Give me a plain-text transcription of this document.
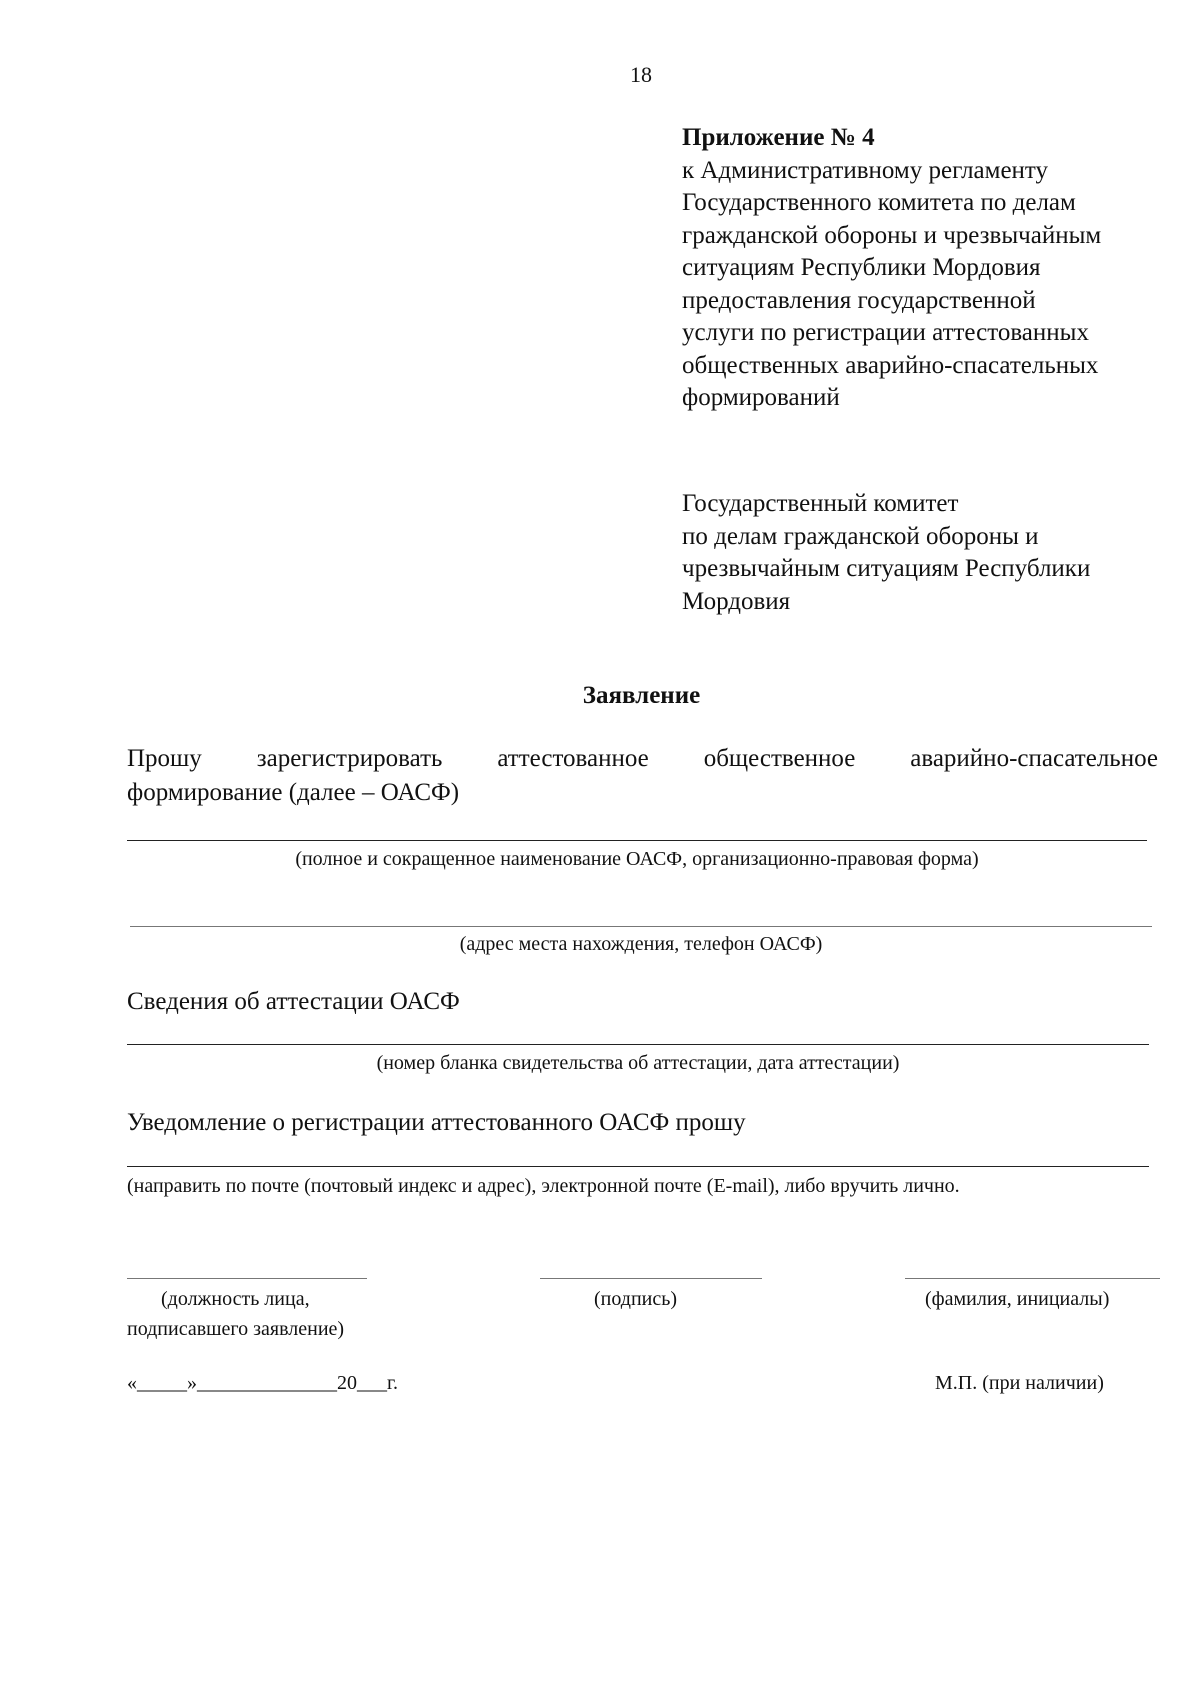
18
Приложение № 4
к Административному регламенту
Государственного комитета по делам
гражданской обороны и чрезвычайным
ситуациям Республики Мордовия
предоставления государственной
услуги по регистрации аттестованных
общественных аварийно-спасательных
формирований
Государственный комитет
по делам гражданской обороны и
чрезвычайным ситуациям Республики
Мордовия
Заявление
Прошу зарегистрировать аттестованное общественное аварийно-спасательное
формирование (далее – ОАСФ)
(полное и сокращенное наименование ОАСФ, организационно-правовая форма)
(адрес места нахождения, телефон ОАСФ)
Сведения об аттестации ОАСФ
(номер бланка свидетельства об аттестации, дата аттестации)
Уведомление о регистрации аттестованного ОАСФ прошу
(направить по почте (почтовый индекс и адрес), электронной почте (E-mail), либо вручить лично.
(должность лица,
подписавшего заявление)
(подпись)	(фамилия, инициалы)
«_____»______________20___г.	М.П. (при наличии)
